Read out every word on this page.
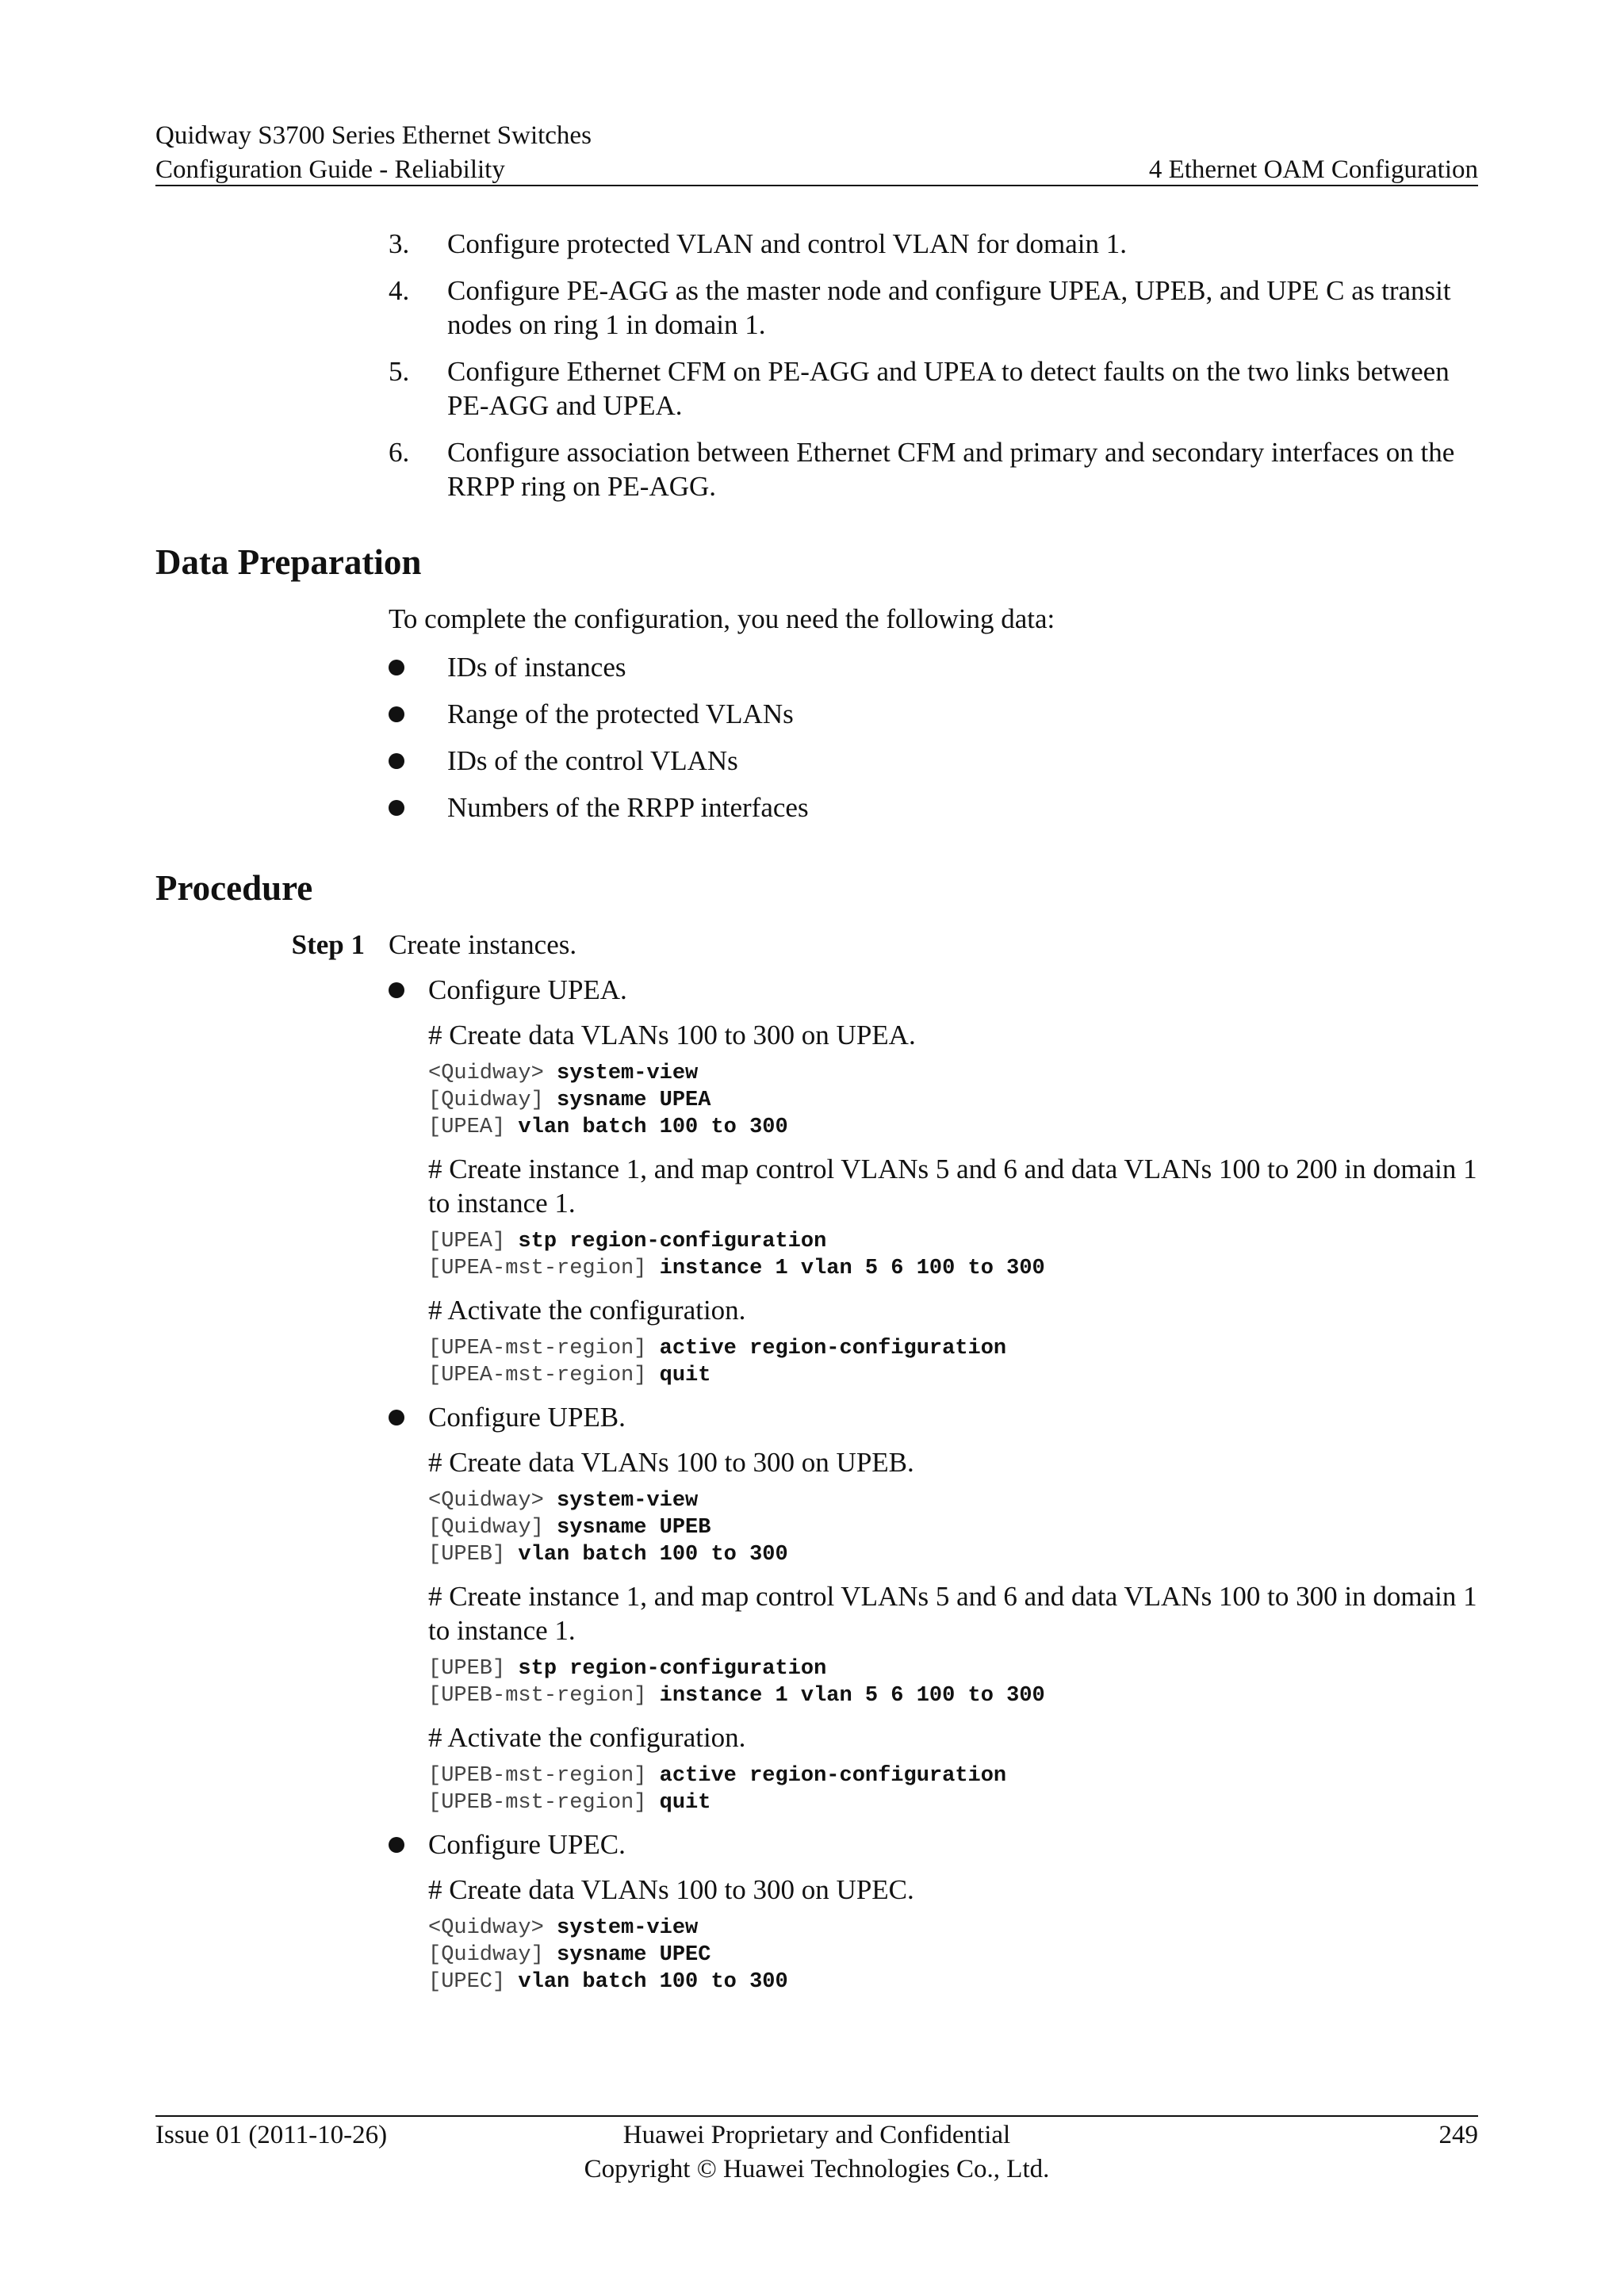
Quidway S3700 Series Ethernet Switches
Configuration Guide - Reliability	4 Ethernet OAM Configuration
3.	Configure protected VLAN and control VLAN for domain 1.
4.	Configure PE-AGG as the master node and configure UPEA, UPEB, and UPE C as transit nodes on ring 1 in domain 1.
5.	Configure Ethernet CFM on PE-AGG and UPEA to detect faults on the two links between PE-AGG and UPEA.
6.	Configure association between Ethernet CFM and primary and secondary interfaces on the RRPP ring on PE-AGG.
Data Preparation
To complete the configuration, you need the following data:
IDs of instances
Range of the protected VLANs
IDs of the control VLANs
Numbers of the RRPP interfaces
Procedure
Step 1 Create instances.
Configure UPEA.
# Create data VLANs 100 to 300 on UPEA.
<Quidway> system-view
[Quidway] sysname UPEA
[UPEA] vlan batch 100 to 300
# Create instance 1, and map control VLANs 5 and 6 and data VLANs 100 to 200 in domain 1 to instance 1.
[UPEA] stp region-configuration
[UPEA-mst-region] instance 1 vlan 5 6 100 to 300
# Activate the configuration.
[UPEA-mst-region] active region-configuration
[UPEA-mst-region] quit
Configure UPEB.
# Create data VLANs 100 to 300 on UPEB.
<Quidway> system-view
[Quidway] sysname UPEB
[UPEB] vlan batch 100 to 300
# Create instance 1, and map control VLANs 5 and 6 and data VLANs 100 to 300 in domain 1 to instance 1.
[UPEB] stp region-configuration
[UPEB-mst-region] instance 1 vlan 5 6 100 to 300
# Activate the configuration.
[UPEB-mst-region] active region-configuration
[UPEB-mst-region] quit
Configure UPEC.
# Create data VLANs 100 to 300 on UPEC.
<Quidway> system-view
[Quidway] sysname UPEC
[UPEC] vlan batch 100 to 300
Issue 01 (2011-10-26)	Huawei Proprietary and Confidential
Copyright © Huawei Technologies Co., Ltd.
249
